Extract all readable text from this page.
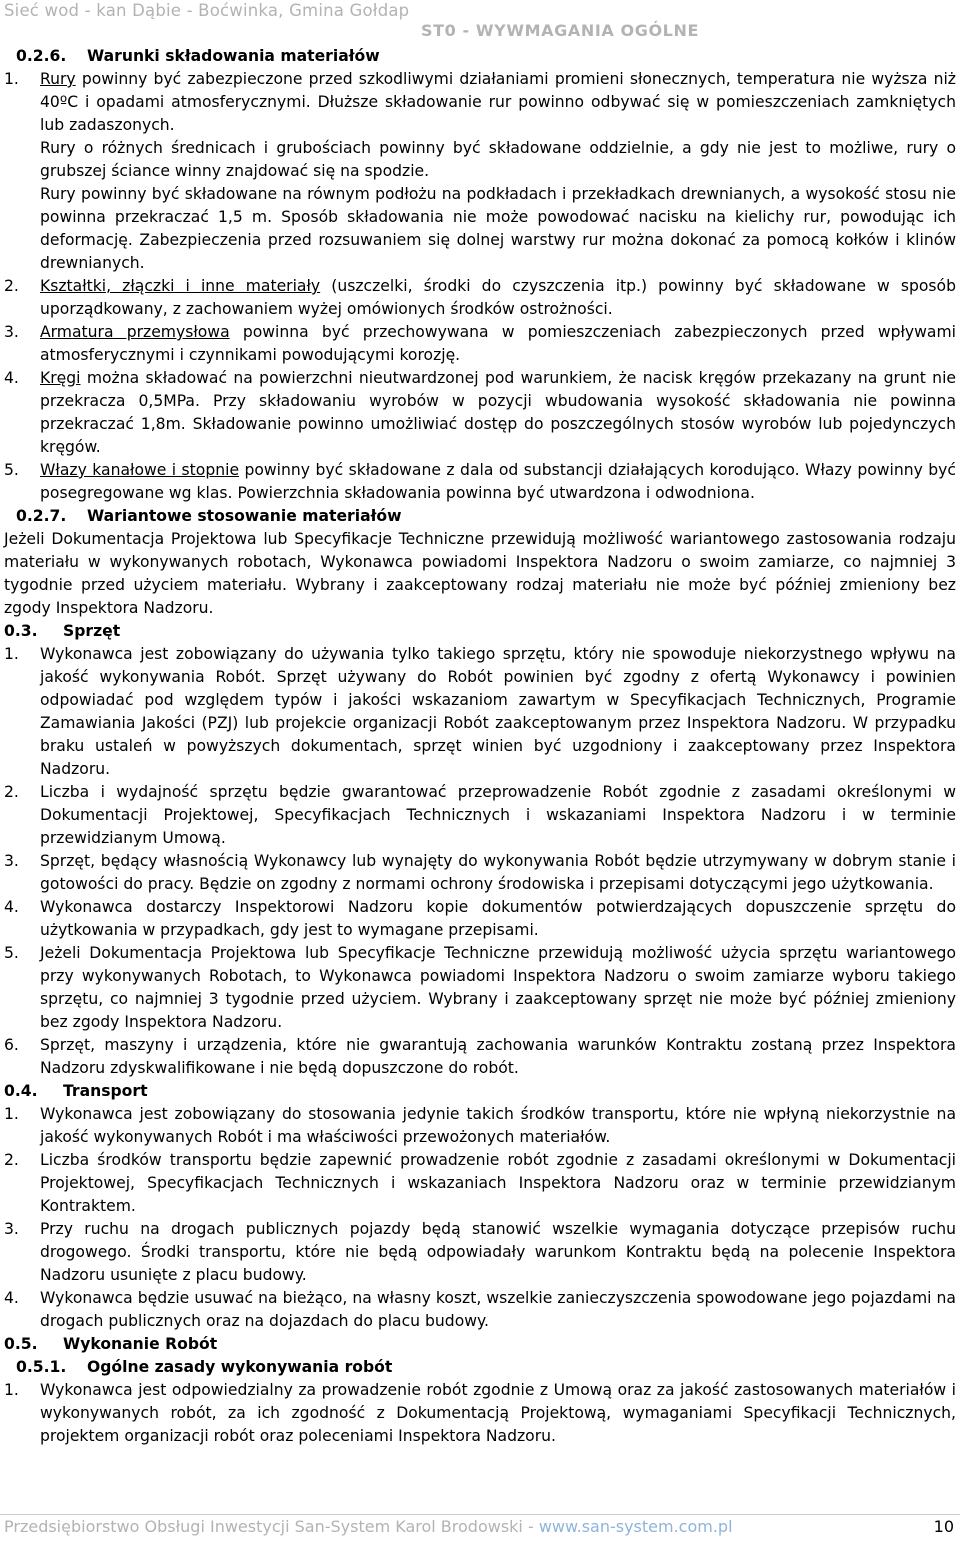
Sieć wod - kan Dąbie - Boćwinka, Gmina Gołdap
ST0 - WYWMAGANIA OGÓLNE
0.2.6. Warunki składowania materiałów
1.	Rury powinny być zabezpieczone przed szkodliwymi działaniami promieni słonecznych, temperatura nie wyższa niż 40ºC i opadami atmosferycznymi. Dłuższe składowanie rur powinno odbywać się w pomieszczeniach zamkniętych lub zadaszonych.

Rury o różnych średnicach i grubościach powinny być składowane oddzielnie, a gdy nie jest to możliwe, rury o grubszej ściance winny znajdować się na spodzie.

Rury powinny być składowane na równym podłożu na podkładach i przekładkach drewnianych, a wysokość stosu nie powinna przekraczać 1,5 m. Sposób składowania nie może powodować nacisku na kielichy rur, powodując ich deformację. Zabezpieczenia przed rozsuwaniem się dolnej warstwy rur można dokonać za pomocą kołków i klinów drewnianych.

2.	Kształtki, złączki i inne materiały (uszczelki, środki do czyszczenia itp.) powinny być składowane w sposób uporządkowany, z zachowaniem wyżej omówionych środków ostrożności.

3.	Armatura przemysłowa powinna być przechowywana w pomieszczeniach zabezpieczonych przed wpływami atmosferycznymi i czynnikami powodującymi korozję.

4.	Kręgi można składować na powierzchni nieutwardzonej pod warunkiem, że nacisk kręgów przekazany na grunt nie przekracza 0,5MPa. Przy składowaniu wyrobów w pozycji wbudowania wysokość składowania nie powinna przekraczać 1,8m. Składowanie powinno umożliwiać dostęp do poszczególnych stosów wyrobów lub pojedynczych kręgów.

5.	Włazy kanałowe i stopnie powinny być składowane z dala od substancji działających korodująco. Włazy powinny być posegregowane wg klas. Powierzchnia składowania powinna być utwardzona i odwodniona.

0.2.7. Wariantowe stosowanie materiałów

Jeżeli Dokumentacja Projektowa lub Specyfikacje Techniczne przewidują możliwość wariantowego zastosowania rodzaju materiału w wykonywanych robotach, Wykonawca powiadomi Inspektora Nadzoru o swoim zamiarze, co najmniej 3 tygodnie przed użyciem materiału. Wybrany i zaakceptowany rodzaj materiału nie może być później zmieniony bez zgody Inspektora Nadzoru.

0.3. Sprzęt
1.	Wykonawca jest zobowiązany do używania tylko takiego sprzętu, który nie spowoduje niekorzystnego wpływu na jakość wykonywania Robót. Sprzęt używany do Robót powinien być zgodny z ofertą Wykonawcy i powinien odpowiadać pod względem typów i jakości wskazaniom zawartym w Specyfikacjach Technicznych, Programie Zamawiania Jakości (PZJ) lub projekcie organizacji Robót zaakceptowanym przez Inspektora Nadzoru. W przypadku braku ustaleń w powyższych dokumentach, sprzęt winien być uzgodniony i zaakceptowany przez Inspektora Nadzoru.

2.	Liczba i wydajność sprzętu będzie gwarantować przeprowadzenie Robót zgodnie z zasadami określonymi w Dokumentacji Projektowej, Specyfikacjach Technicznych i wskazaniami Inspektora Nadzoru i w terminie przewidzianym Umową.

3.	Sprzęt, będący własnością Wykonawcy lub wynajęty do wykonywania Robót będzie utrzymywany w dobrym stanie i gotowości do pracy. Będzie on zgodny z normami ochrony środowiska i przepisami dotyczącymi jego użytkowania.

4.	Wykonawca dostarczy Inspektorowi Nadzoru kopie dokumentów potwierdzających dopuszczenie sprzętu do użytkowania w przypadkach, gdy jest to wymagane przepisami.

5.	Jeżeli Dokumentacja Projektowa lub Specyfikacje Techniczne przewidują możliwość użycia sprzętu wariantowego przy wykonywanych Robotach, to Wykonawca powiadomi Inspektora Nadzoru o swoim zamiarze wyboru takiego sprzętu, co najmniej 3 tygodnie przed użyciem. Wybrany i zaakceptowany sprzęt nie może być później zmieniony bez zgody Inspektora Nadzoru.

6.	Sprzęt, maszyny i urządzenia, które nie gwarantują zachowania warunków Kontraktu zostaną przez Inspektora Nadzoru zdyskwalifikowane i nie będą dopuszczone do robót.

0.4. Transport
1.	Wykonawca jest zobowiązany do stosowania jedynie takich środków transportu, które nie wpłyną niekorzystnie na jakość wykonywanych Robót i ma właściwości przewożonych materiałów.

2.	Liczba środków transportu będzie zapewnić prowadzenie robót zgodnie z zasadami określonymi w Dokumentacji Projektowej, Specyfikacjach Technicznych i wskazaniach Inspektora Nadzoru oraz w terminie przewidzianym Kontraktem.

3.	Przy ruchu na drogach publicznych pojazdy będą stanowić wszelkie wymagania dotyczące przepisów ruchu drogowego. Środki transportu, które nie będą odpowiadały warunkom Kontraktu będą na polecenie Inspektora Nadzoru usunięte z placu budowy.

4.	Wykonawca będzie usuwać na bieżąco, na własny koszt, wszelkie zanieczyszczenia spowodowane jego pojazdami na drogach publicznych oraz na dojazdach do placu budowy.

0.5. Wykonanie Robót
0.5.1. Ogólne zasady wykonywania robót
1.	Wykonawca jest odpowiedzialny za prowadzenie robót zgodnie z Umową oraz za jakość zastosowanych materiałów i wykonywanych robót, za ich zgodność z Dokumentacją Projektową, wymaganiami Specyfikacji Technicznych, projektem organizacji robót oraz poleceniami Inspektora Nadzoru.

Przedsiębiorstwo Obsługi Inwestycji San-System Karol Brodowski - www.san-system.com.pl	10
